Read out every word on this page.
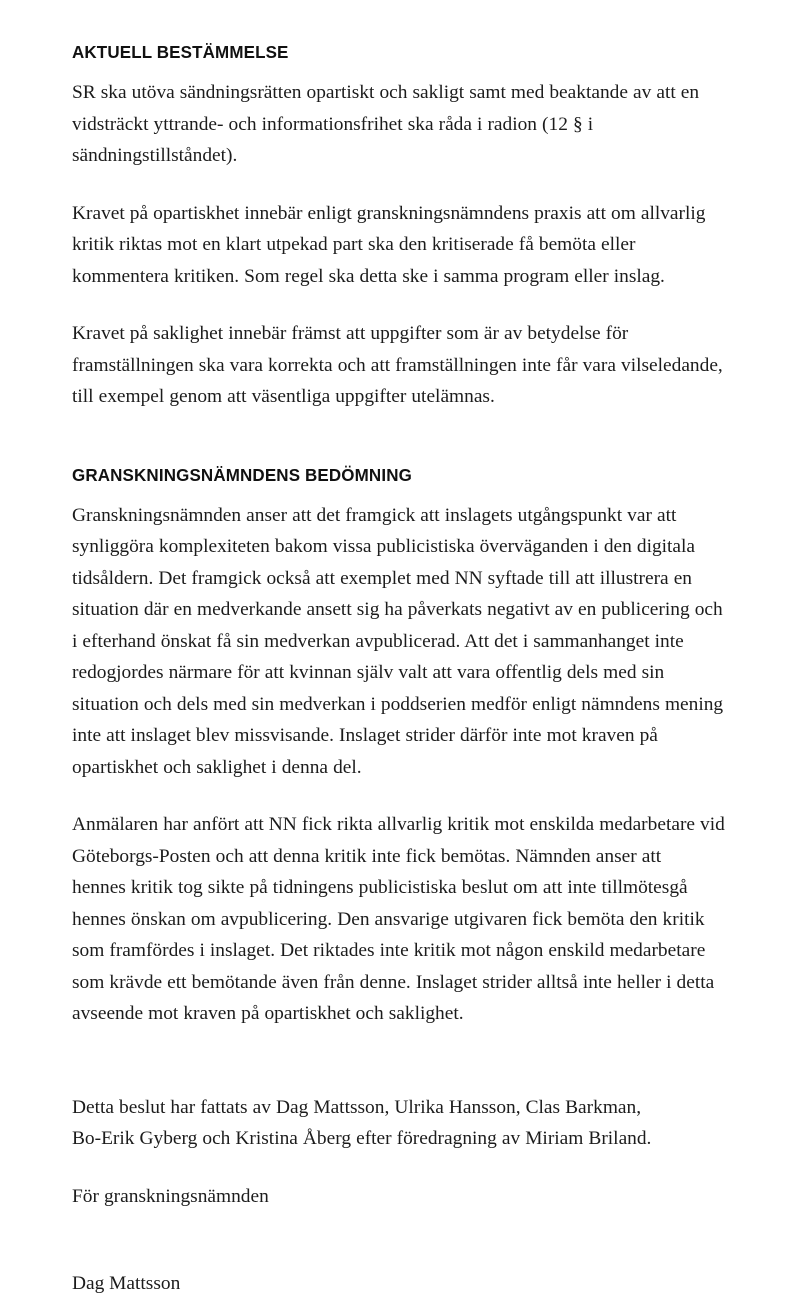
AKTUELL BESTÄMMELSE

SR ska utöva sändningsrätten opartiskt och sakligt samt med beaktande av att en
vidsträckt yttrande- och informationsfrihet ska råda i radion (12 § i
sändningstillståndet).

Kravet på opartiskhet innebär enligt granskningsnämndens praxis att om allvarlig
kritik riktas mot en klart utpekad part ska den kritiserade få bemöta eller
kommentera kritiken. Som regel ska detta ske i samma program eller inslag.

Kravet på saklighet innebär främst att uppgifter som är av betydelse för
framställningen ska vara korrekta och att framställningen inte får vara vilseledande,
till exempel genom att väsentliga uppgifter utelämnas.

GRANSKNINGSNÄMNDENS BEDÖMNING

Granskningsnämnden anser att det framgick att inslagets utgångspunkt var att
synliggöra komplexiteten bakom vissa publicistiska överväganden i den digitala
tidsåldern. Det framgick också att exemplet med NN syftade till att illustrera en
situation där en medverkande ansett sig ha påverkats negativt av en publicering och
i efterhand önskat få sin medverkan avpublicerad. Att det i sammanhanget inte
redogjordes närmare för att kvinnan själv valt att vara offentlig dels med sin
situation och dels med sin medverkan i poddserien medför enligt nämndens mening
inte att inslaget blev missvisande. Inslaget strider därför inte mot kraven på
opartiskhet och saklighet i denna del.

Anmälaren har anfört att NN fick rikta allvarlig kritik mot enskilda medarbetare vid
Göteborgs-Posten och att denna kritik inte fick bemötas. Nämnden anser att
hennes kritik tog sikte på tidningens publicistiska beslut om att inte tillmötesgå
hennes önskan om avpublicering. Den ansvarige utgivaren fick bemöta den kritik
som framfördes i inslaget. Det riktades inte kritik mot någon enskild medarbetare
som krävde ett bemötande även från denne. Inslaget strider alltså inte heller i detta
avseende mot kraven på opartiskhet och saklighet.

Detta beslut har fattats av Dag Mattsson, Ulrika Hansson, Clas Barkman,
Bo-Erik Gyberg och Kristina Åberg efter föredragning av Miriam Briland.

För granskningsnämnden

Dag Mattsson
